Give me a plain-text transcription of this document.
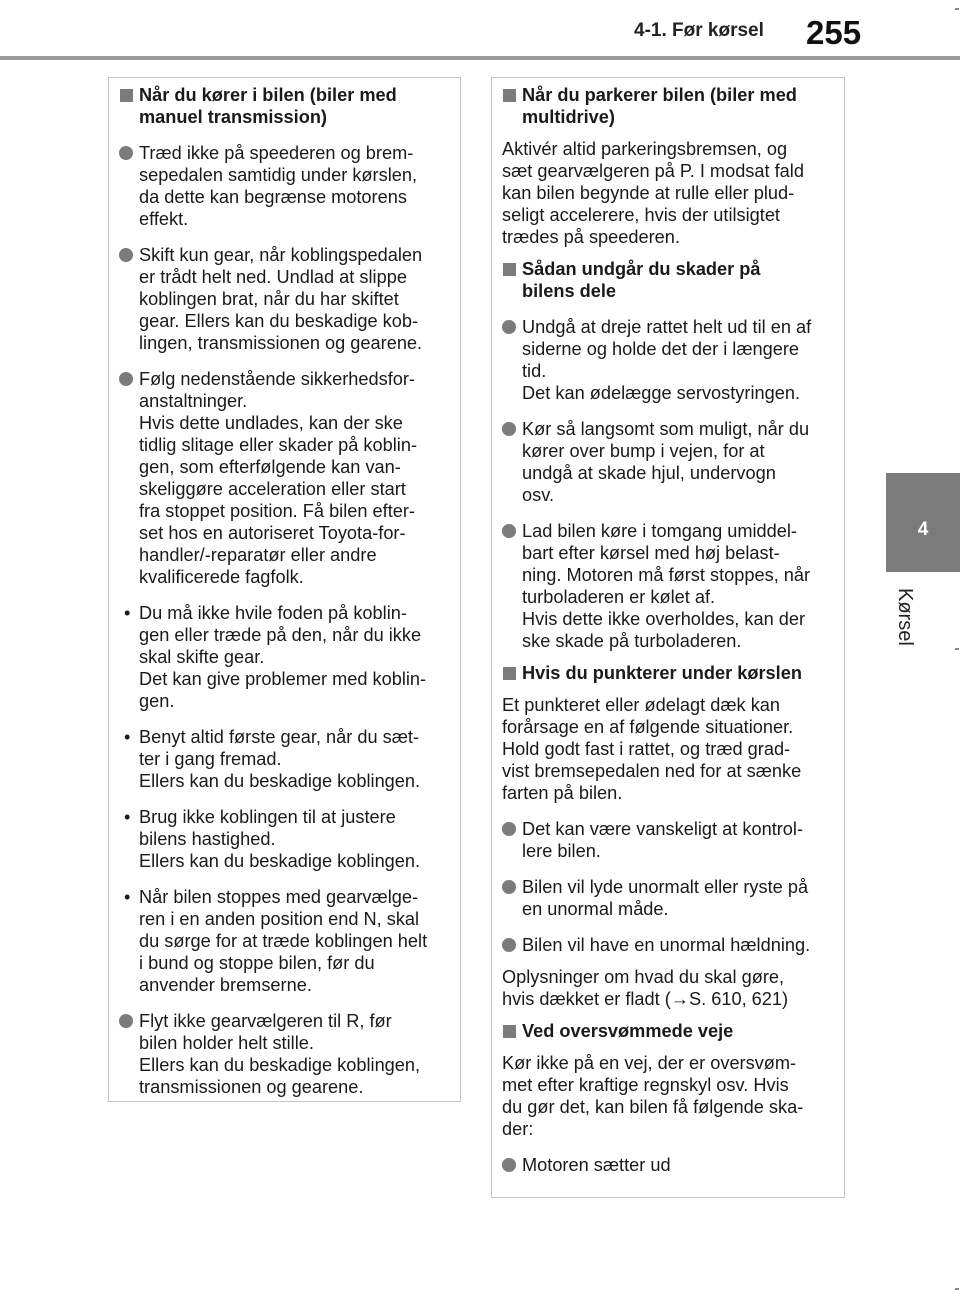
4-1. Før kørsel 255
4
Kørsel
Når du kører i bilen (biler med
manuel transmission)
Træd ikke på speederen og brem-
sepedalen samtidig under kørslen,
da dette kan begrænse motorens
effekt.
Skift kun gear, når koblingspedalen
er trådt helt ned. Undlad at slippe
koblingen brat, når du har skiftet
gear. Ellers kan du beskadige kob-
lingen, transmissionen og gearene.
Følg nedenstående sikkerhedsfor-
anstaltninger.
Hvis dette undlades, kan der ske
tidlig slitage eller skader på koblin-
gen, som efterfølgende kan van-
skeliggøre acceleration eller start
fra stoppet position. Få bilen efter-
set hos en autoriseret Toyota-for-
handler/-reparatør eller andre
kvalificerede fagfolk.
• Du må ikke hvile foden på koblin-
gen eller træde på den, når du ikke
skal skifte gear.
Det kan give problemer med koblin-
gen.
• Benyt altid første gear, når du sæt-
ter i gang fremad.
Ellers kan du beskadige koblingen.
• Brug ikke koblingen til at justere
bilens hastighed.
Ellers kan du beskadige koblingen.
• Når bilen stoppes med gearvælge-
ren i en anden position end N, skal
du sørge for at træde koblingen helt
i bund og stoppe bilen, før du
anvender bremserne.
Flyt ikke gearvælgeren til R, før
bilen holder helt stille.
Ellers kan du beskadige koblingen,
transmissionen og gearene.
Når du parkerer bilen (biler med
multidrive)
Aktivér altid parkeringsbremsen, og
sæt gearvælgeren på P. I modsat fald
kan bilen begynde at rulle eller plud-
seligt accelerere, hvis der utilsigtet
trædes på speederen.
Sådan undgår du skader på
bilens dele
Undgå at dreje rattet helt ud til en af
siderne og holde det der i længere
tid.
Det kan ødelægge servostyringen.
Kør så langsomt som muligt, når du
kører over bump i vejen, for at
undgå at skade hjul, undervogn
osv.
Lad bilen køre i tomgang umiddel-
bart efter kørsel med høj belast-
ning. Motoren må først stoppes, når
turboladeren er kølet af.
Hvis dette ikke overholdes, kan der
ske skade på turboladeren.
Hvis du punkterer under kørslen
Et punkteret eller ødelagt dæk kan
forårsage en af følgende situationer.
Hold godt fast i rattet, og træd grad-
vist bremsepedalen ned for at sænke
farten på bilen.
Det kan være vanskeligt at kontrol-
lere bilen.
Bilen vil lyde unormalt eller ryste på
en unormal måde.
Bilen vil have en unormal hældning.
Oplysninger om hvad du skal gøre,
hvis dækket er fladt (→S. 610, 621)
Ved oversvømmede veje
Kør ikke på en vej, der er oversvøm-
met efter kraftige regnskyl osv. Hvis
du gør det, kan bilen få følgende ska-
der:
Motoren sætter ud
